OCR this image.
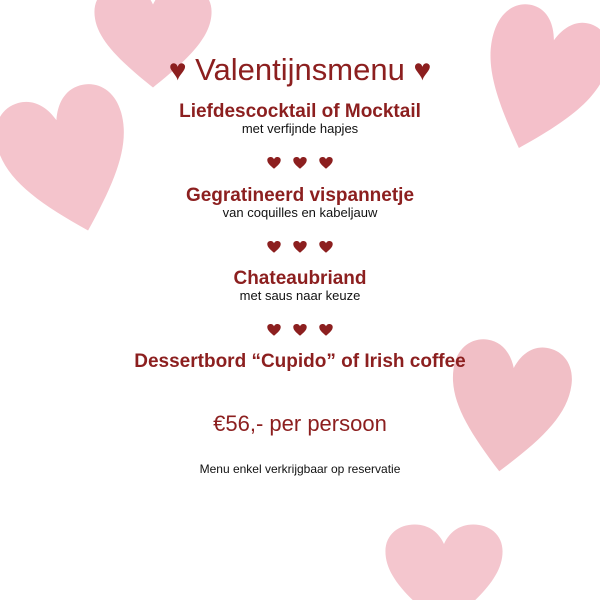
♥ Valentijnsmenu ♥
Liefdescocktail of Mocktail
met verfijnde hapjes

Gegratineerd vispannetje
van coquilles en kabeljauw

Chateaubriand
met saus naar keuze

Dessertbord “Cupido” of Irish coffee
€56,- per persoon
Menu enkel verkrijgbaar op reservatie
